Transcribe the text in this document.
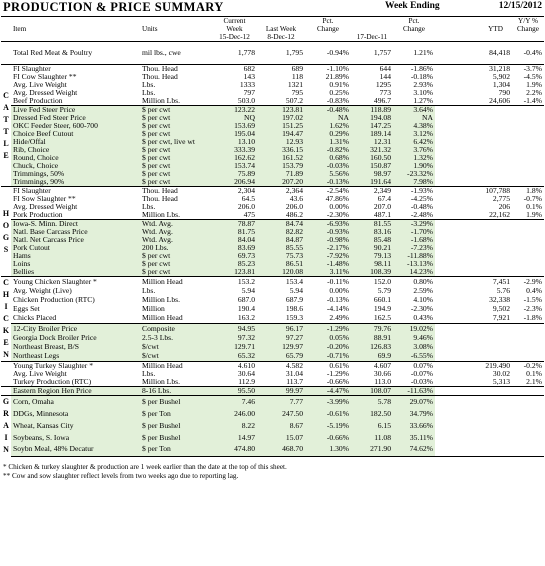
PRODUCTION & PRICE SUMMARY	Week Ending	12/15/2012
			Current		Pct.		Pct.			Y/Y %
	Item	Units	Week	Last Week	Change		Change		YTD	Change
			15-Dec-12	8-Dec-12		17-Dec-11				
	Total Red Meat & Poultry	mil lbs., cwe	1,778	1,795	-0.94%	1,757	1.21%		84,418	-0.4%
C A T T L E	FI Slaughter	Thou. Head	682	689	-1.10%	644	-1.86%		31,218	-3.7%
	FI Cow Slaughter **	Thou. Head	143	118	21.89%	144	-0.18%		5,902	-4.5%
	Avg. Live Weight	Lbs.	1333	1321	0.91%	1295	2.93%		1,304	1.9%
	Avg. Dressed Weight	Lbs.	797	795	0.25%	773	3.10%		790	2.2%
	Beef Production	Million Lbs.	503.0	507.2	-0.83%	496.7	1.27%		24,606	-1.4%
	Live Fed Steer Price	$ per cwt	123.22	123.81	-0.48%	118.89	3.64%			
	Dressed Fed Steer Price	$ per cwt	NQ	197.02	NA	194.08	NA			
	OKC Feeder Steer, 600-700	$ per cwt	153.69	151.25	1.62%	147.25	4.38%			
	Choice Beef Cutout	$ per cwt	195.04	194.47	0.29%	189.14	3.12%			
	Hide/Offal	$ per cwt, live wt	13.10	12.93	1.31%	12.31	6.42%			
	Rib, Choice	$ per cwt	333.39	336.15	-0.82%	321.32	3.76%			
	Round, Choice	$ per cwt	162.62	161.52	0.68%	160.50	1.32%			
	Chuck, Choice	$ per cwt	153.74	153.79	-0.03%	150.87	1.90%			
	Trimmings, 50%	$ per cwt	75.89	71.89	5.56%	98.97	-23.32%			
	Trimmings, 90%	$ per cwt	206.94	207.20	-0.13%	191.64	7.98%			
H O G S	FI Slaughter	Thou. Head	2,304	2,364	-2.54%	2,349	-1.93%		107,788	1.8%
	FI Sow Slaughter **	Thou. Head	64.5	43.6	47.86%	67.4	-4.25%		2,775	-0.7%
	Avg. Dressed Weight	Lbs.	206.0	206.0	0.00%	207.0	-0.48%		206	0.1%
	Pork Production	Million Lbs.	475	486.2	-2.30%	487.1	-2.48%		22,162	1.9%
	Iowa-S. Minn. Direct	Wtd. Avg.	78.87	84.74	-6.93%	81.55	-3.29%			
	Natl. Base Carcass Price	Wtd. Avg.	81.75	82.82	-0.93%	83.16	-1.70%			
	Natl. Net Carcass Price	Wtd. Avg.	84.04	84.87	-0.98%	85.48	-1.68%			
	Pork Cutout	200 Lbs.	83.69	85.55	-2.17%	90.21	-7.23%			
	Hams	$ per cwt	69.73	75.73	-7.92%	79.13	-11.88%			
	Loins	$ per cwt	85.23	86.51	-1.48%	98.11	-13.13%			
	Bellies	$ per cwt	123.81	120.08	3.11%	108.39	14.23%			
C H I C K E N	Young Chicken Slaughter *	Million Head	153.2	153.4	-0.11%	152.0	0.80%		7,451	-2.9%
	Avg. Weight (Live)	Lbs.	5.94	5.94	0.00%	5.79	2.59%		5.76	0.4%
	Chicken Production (RTC)	Million Lbs.	687.0	687.9	-0.13%	660.1	4.10%		32,338	-1.5%
	Eggs Set	Million	190.4	198.6	-4.14%	194.9	-2.30%		9,502	-2.3%
	Chicks Placed	Million Head	163.2	159.3	2.49%	162.5	0.43%		7,921	-1.8%
	12-City Broiler Price	Composite	94.95	96.17	-1.29%	79.76	19.02%			
	Georgia Dock Broiler Price	2.5-3 Lbs.	97.32	97.27	0.05%	88.91	9.46%			
	Northeast Breast, B/S	$/cwt	129.71	129.97	-0.20%	126.83	3.08%			
	Northeast Legs	$/cwt	65.32	65.79	-0.71%	69.9	-6.55%			
	Young Turkey Slaughter *	Million Head	4.610	4.582	0.61%	4.607	0.07%		219.490	-0.2%
	Avg. Live Weight	Lbs.	30.64	31.04	-1.29%	30.66	-0.07%		30.02	0.1%
	Turkey Production (RTC)	Million Lbs.	112.9	113.7	-0.66%	113.0	-0.03%		5,313	2.1%
	Eastern Region Hen Price	8-16 Lbs.	95.50	99.97	-4.47%	108.07	-11.63%			
G R A I N	Corn, Omaha	$ per Bushel	7.46	7.77	-3.99%	5.78	29.07%			
	DDGs, Minnesota	$ per Ton	246.00	247.50	-0.61%	182.50	34.79%			
	Wheat, Kansas City	$ per Bushel	8.22	8.67	-5.19%	6.15	33.66%			
	Soybeans, S. Iowa	$ per Bushel	14.97	15.07	-0.66%	11.08	35.11%			
	Soybn Meal, 48% Decatur	$ per Ton	474.80	468.70	1.30%	271.90	74.62%			
* Chicken & turkey slaughter & production are 1 week earlier than the date at the top of this sheet.
** Cow and sow slaughter reflect levels from two weeks ago due to reporting lag.
